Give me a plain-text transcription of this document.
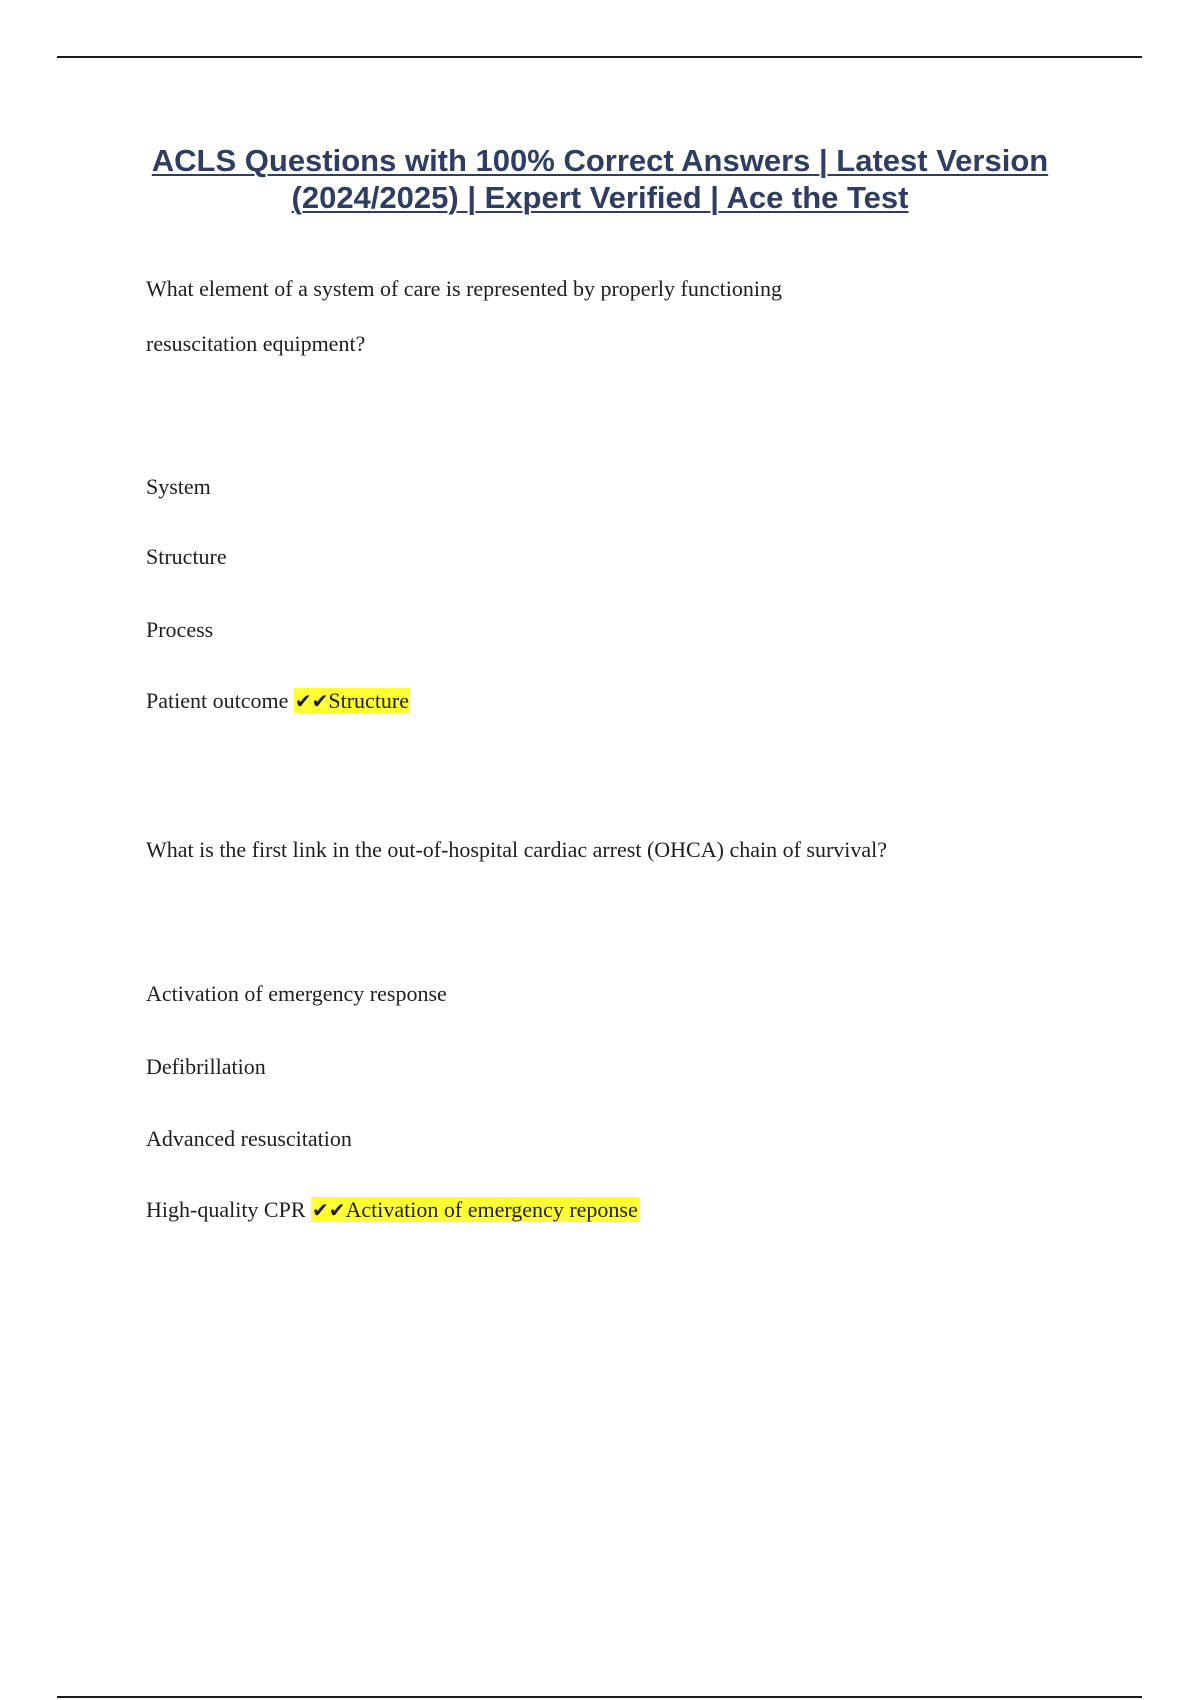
ACLS Questions with 100% Correct Answers | Latest Version
(2024/2025) | Expert Verified | Ace the Test
What element of a system of care is represented by properly functioning
resuscitation equipment?
System
Structure
Process
Patient outcome ✔✔Structure
What is the first link in the out-of-hospital cardiac arrest (OHCA) chain of survival?
Activation of emergency response
Defibrillation
Advanced resuscitation
High-quality CPR ✔✔Activation of emergency reponse
